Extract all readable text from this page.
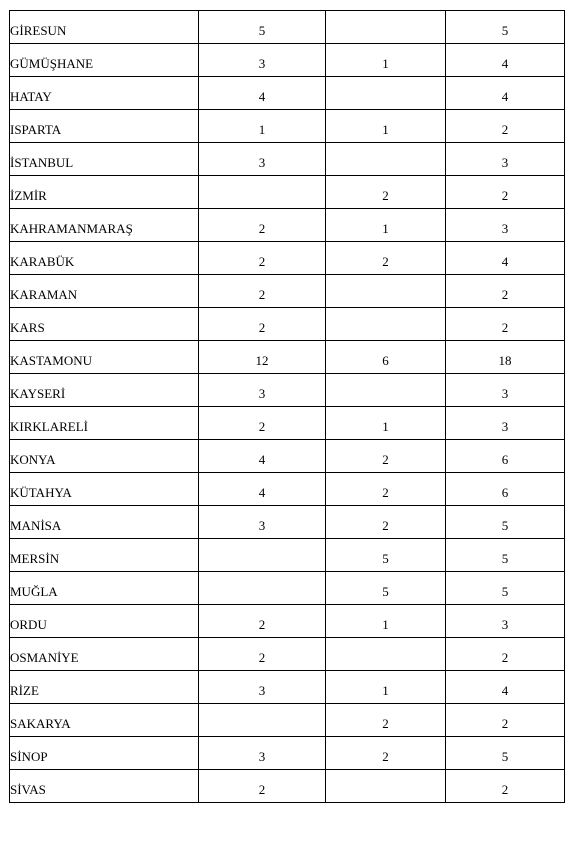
GİRESUN	5		5
GÜMÜŞHANE	3	1	4
HATAY	4		4
ISPARTA	1	1	2
İSTANBUL	3		3
İZMİR		2	2
KAHRAMANMARAŞ	2	1	3
KARABÜK	2	2	4
KARAMAN	2		2
KARS	2		2
KASTAMONU	12	6	18
KAYSERİ	3		3
KIRKLARELİ	2	1	3
KONYA	4	2	6
KÜTAHYA	4	2	6
MANİSA	3	2	5
MERSİN		5	5
MUĞLA		5	5
ORDU	2	1	3
OSMANİYE	2		2
RİZE	3	1	4
SAKARYA		2	2
SİNOP	3	2	5
SİVAS	2		2
